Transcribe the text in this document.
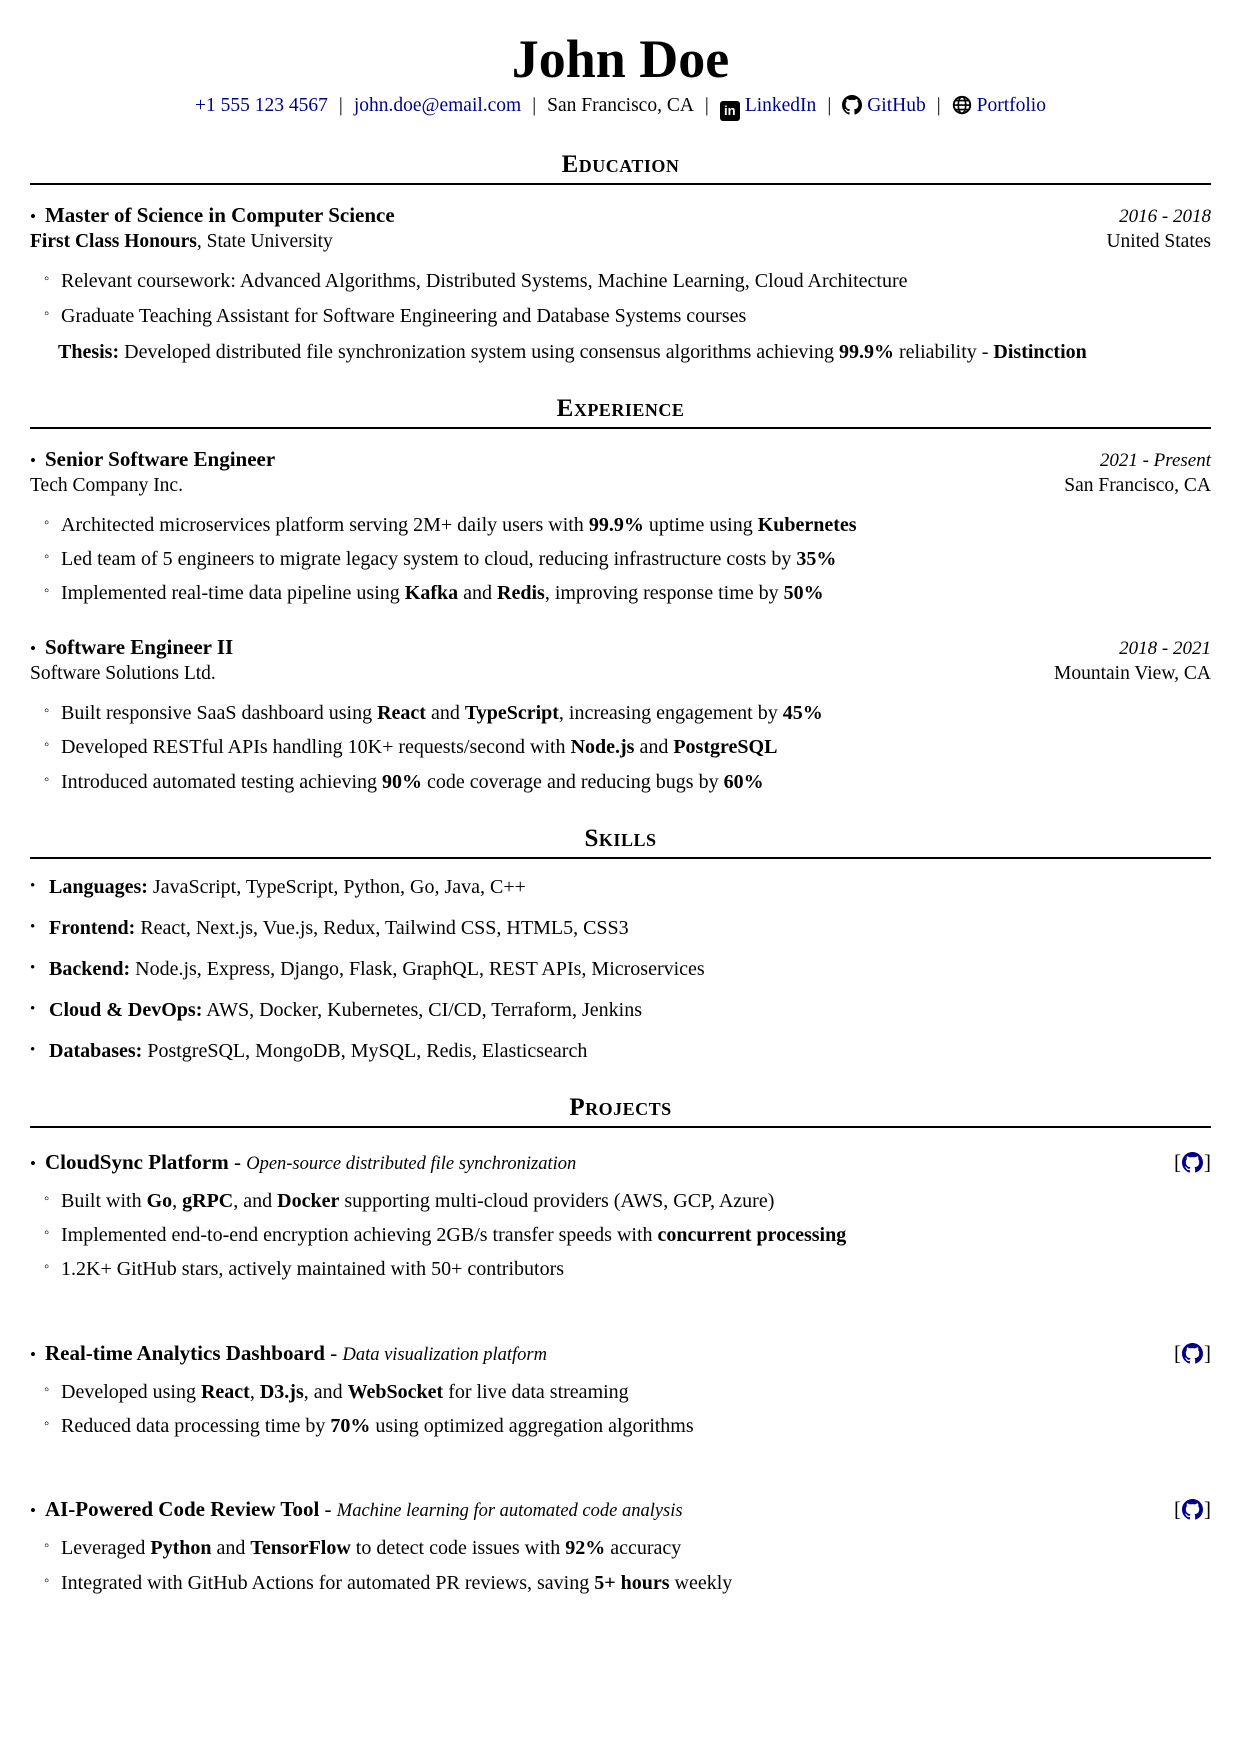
John Doe
+1 555 123 4567 | john.doe@email.com | San Francisco, CA | in LinkedIn | GitHub | Portfolio
Education
• Master of Science in Computer Science	2016 - 2018
First Class Honours, State University	United States
◦ Relevant coursework: Advanced Algorithms, Distributed Systems, Machine Learning, Cloud Architecture
◦ Graduate Teaching Assistant for Software Engineering and Database Systems courses
Thesis: Developed distributed file synchronization system using consensus algorithms achieving 99.9% reliability - Distinction
Experience
• Senior Software Engineer	2021 - Present
Tech Company Inc.	San Francisco, CA
◦ Architected microservices platform serving 2M+ daily users with 99.9% uptime using Kubernetes
◦ Led team of 5 engineers to migrate legacy system to cloud, reducing infrastructure costs by 35%
◦ Implemented real-time data pipeline using Kafka and Redis, improving response time by 50%
• Software Engineer II	2018 - 2021
Software Solutions Ltd.	Mountain View, CA
◦ Built responsive SaaS dashboard using React and TypeScript, increasing engagement by 45%
◦ Developed RESTful APIs handling 10K+ requests/second with Node.js and PostgreSQL
◦ Introduced automated testing achieving 90% code coverage and reducing bugs by 60%
Skills
• Languages: JavaScript, TypeScript, Python, Go, Java, C++
• Frontend: React, Next.js, Vue.js, Redux, Tailwind CSS, HTML5, CSS3
• Backend: Node.js, Express, Django, Flask, GraphQL, REST APIs, Microservices
• Cloud & DevOps: AWS, Docker, Kubernetes, CI/CD, Terraform, Jenkins
• Databases: PostgreSQL, MongoDB, MySQL, Redis, Elasticsearch
Projects
• CloudSync Platform - Open-source distributed file synchronization	[ ]
◦ Built with Go, gRPC, and Docker supporting multi-cloud providers (AWS, GCP, Azure)
◦ Implemented end-to-end encryption achieving 2GB/s transfer speeds with concurrent processing
◦ 1.2K+ GitHub stars, actively maintained with 50+ contributors
• Real-time Analytics Dashboard - Data visualization platform	[ ]
◦ Developed using React, D3.js, and WebSocket for live data streaming
◦ Reduced data processing time by 70% using optimized aggregation algorithms
• AI-Powered Code Review Tool - Machine learning for automated code analysis	[ ]
◦ Leveraged Python and TensorFlow to detect code issues with 92% accuracy
◦ Integrated with GitHub Actions for automated PR reviews, saving 5+ hours weekly
